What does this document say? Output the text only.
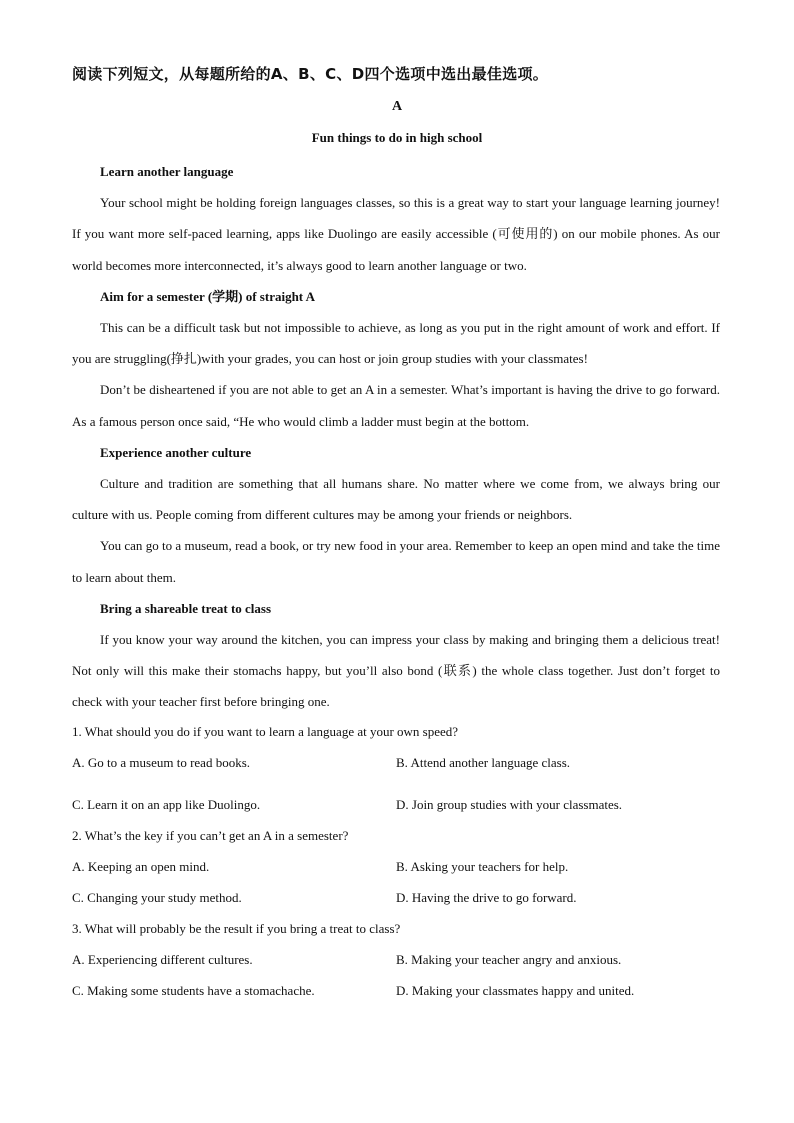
阅读下列短文，从每题所给的A、B、C、D四个选项中选出最佳选项。
A
Fun things to do in high school

Learn another language

Your school might be holding foreign languages classes, so this is a great way to start your language learning journey! If you want more self-paced learning, apps like Duolingo are easily accessible (可使用的) on our mobile phones. As our world becomes more interconnected, it’s always good to learn another language or two.

Aim for a semester (学期) of straight A

This can be a difficult task but not impossible to achieve, as long as you put in the right amount of work and effort. If you are struggling(挣扎)with your grades, you can host or join group studies with your classmates!

Don’t be disheartened if you are not able to get an A in a semester. What’s important is having the drive to go forward. As a famous person once said, “He who would climb a ladder must begin at the bottom.

Experience another culture

Culture and tradition are something that all humans share. No matter where we come from, we always bring our culture with us. People coming from different cultures may be among your friends or neighbors.

You can go to a museum, read a book, or try new food in your area. Remember to keep an open mind and take the time to learn about them.

Bring a shareable treat to class

If you know your way around the kitchen, you can impress your class by making and bringing them a delicious treat! Not only will this make their stomachs happy, but you’ll also bond (联系) the whole class together. Just don’t forget to check with your teacher first before bringing one.

1. What should you do if you want to learn a language at your own speed?
A. Go to a museum to read books.	B. Attend another language class.
C. Learn it on an app like Duolingo.	D. Join group studies with your classmates.
2. What’s the key if you can’t get an A in a semester?
A. Keeping an open mind.	B. Asking your teachers for help.
C. Changing your study method.	D. Having the drive to go forward.
3. What will probably be the result if you bring a treat to class?
A. Experiencing different cultures.	B. Making your teacher angry and anxious.
C. Making some students have a stomachache.	D. Making your classmates happy and united.
